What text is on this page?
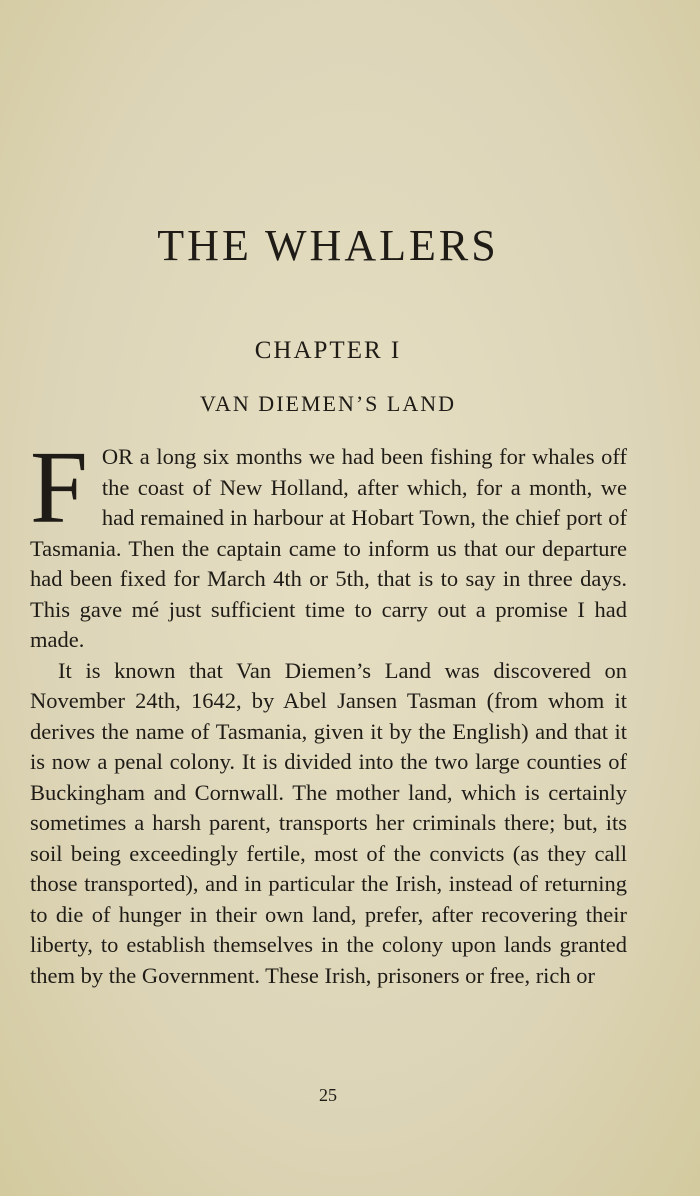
THE WHALERS
CHAPTER I
VAN DIEMEN’S LAND

FOR a long six months we had been fishing for whales off the coast of New Holland, after which, for a month, we had remained in harbour at Hobart Town, the chief port of Tasmania. Then the captain came to inform us that our departure had been fixed for March 4th or 5th, that is to say in three days. This gave mé just sufficient time to carry out a promise I had made.

It is known that Van Diemen’s Land was discovered on November 24th, 1642, by Abel Jansen Tasman (from whom it derives the name of Tasmania, given it by the English) and that it is now a penal colony. It is divided into the two large counties of Buckingham and Cornwall. The mother land, which is certainly sometimes a harsh parent, transports her criminals there; but, its soil being exceedingly fertile, most of the convicts (as they call those transported), and in particular the Irish, instead of returning to die of hunger in their own land, prefer, after recovering their liberty, to establish themselves in the colony upon lands granted them by the Government. These Irish, prisoners or free, rich or

25
